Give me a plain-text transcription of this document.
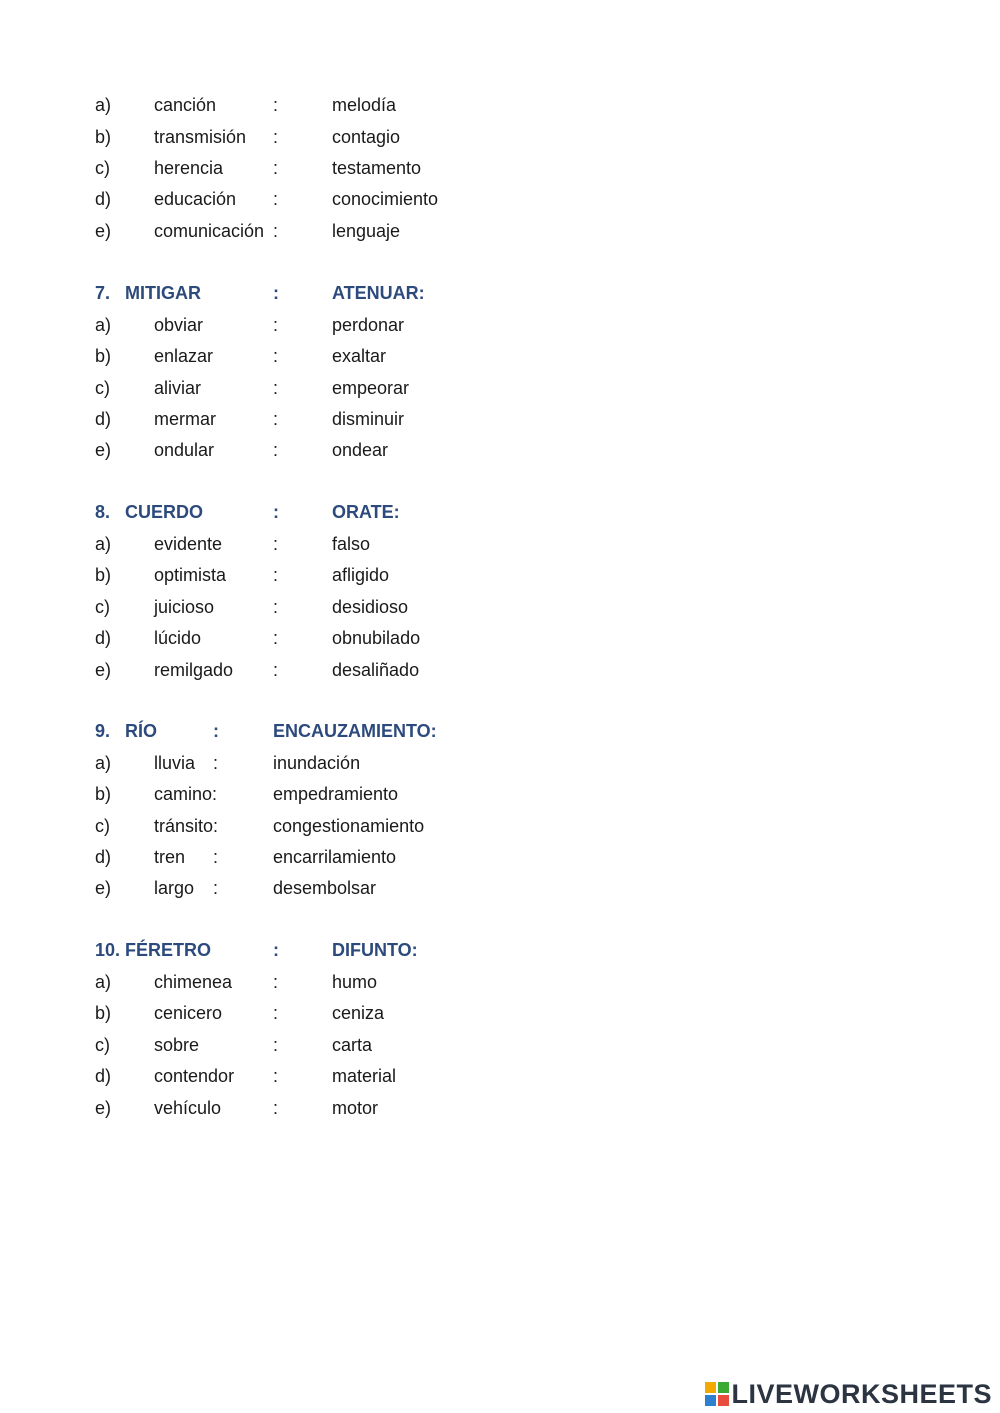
a) canción	:	melodía
b) transmisión :	contagio
c) herencia	:	testamento
d) educación :	conocimiento
e) comunicación :	lenguaje
7. MITIGAR	:	ATENUAR:
a) obviar	:	perdonar
b) enlazar	:	exaltar
c) aliviar	:	empeorar
d) mermar	:	disminuir
e) ondular	:	ondear
8. CUERDO	:	ORATE:
a) evidente	:	falso
b) optimista	:	afligido
c) juicioso	:	desidioso
d) lúcido	:	obnubilado
e) remilgado :	desaliñado
9. RÍO	:	ENCAUZAMIENTO:
a) lluvia :	inundación
b) camino:	empedramiento
c) tránsito:	congestionamiento
d) tren :	encarrilamiento
e) largo :	desembolsar
10. FÉRETRO	:	DIFUNTO:
a) chimenea :	humo
b) cenicero	:	ceniza
c) sobre	:	carta
d) contendor :	material
e) vehículo	:	motor
LIVEWORKSHEETS
